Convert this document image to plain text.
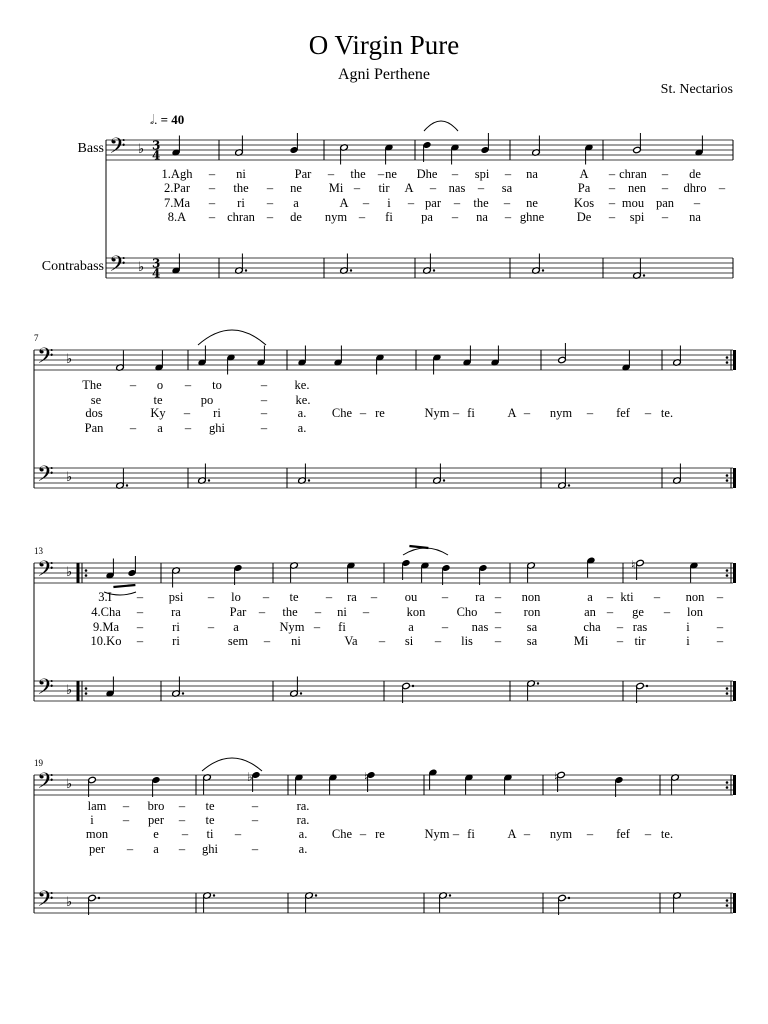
O Virgin Pure
Agni Perthene
St. Nectarios
Bass
Contrabass
𝅗𝅥. = 40
7
13
19
𝄢
𝄢
♭
♭
3
4
3
4
𝄢
𝄢
♭
♭
𝄢
𝄢
♭
♭
𝄢
𝄢
♭
♭
♮
♭	♮	♮
1.Agh – ni	Par – the – ne Dhe – spi – na	A – chran – de
2.Par – the – ne Mi – tir A – nas – sa	Pa – nen – dhro –
7.Ma – ri – a	A – i – par – the – ne	Kos – mou pan –
8.A – chran – de nym – fi pa – na – ghne	De – spi – na
The – o – to	– ke.
se	te	po	– ke.
dos	Ky – ri	– a. Che – re	Nym – fi	A – nym – fef – te.
Pan – a – ghi	– a.
3.I – psi – lo – te – ra – ou – ra – non	a – kti – non –
4.Cha – ra	Par – the – ni –	kon Cho – ron	an – ge – lon
9.Ma – ri – a	Nym – fi	a – nas – sa	cha – ras	i –
10.Ko – ri	sem – ni	Va – si – lis – sa	Mi – tir	i –
lam – bro – te	–	ra.
i – per – te	–	ra.
mon	e – ti –	a. Che – re	Nym – fi	A – nym – fef – te.
per – a – ghi	–	a.
